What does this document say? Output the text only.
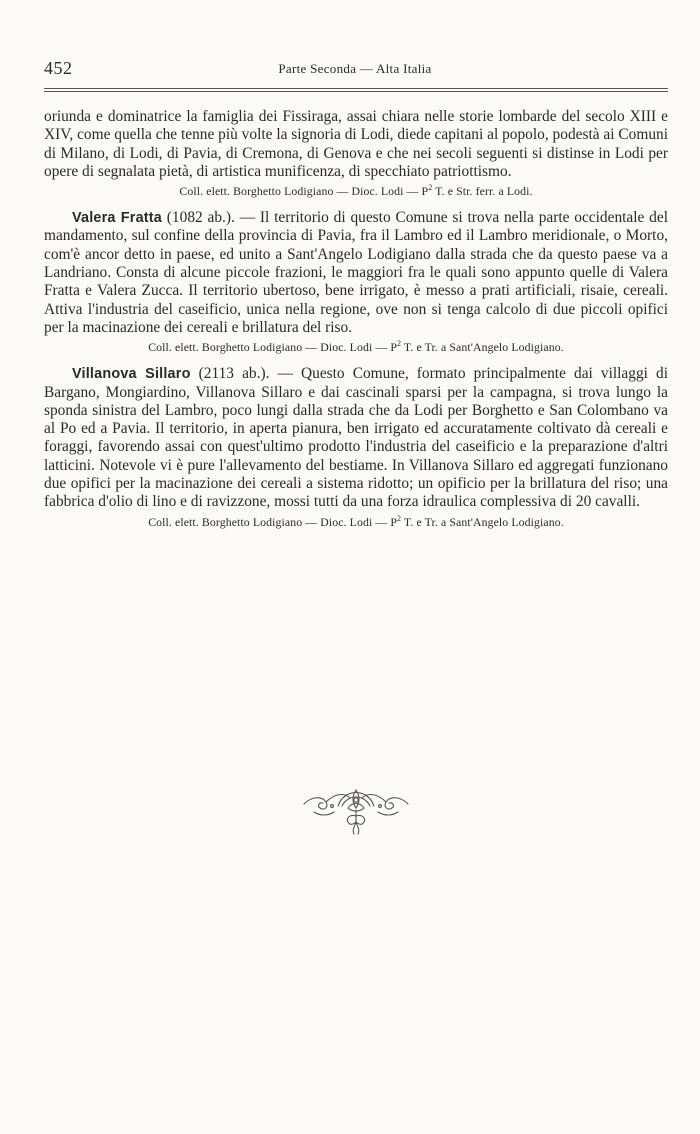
452	Parte Seconda — Alta Italia

oriunda e dominatrice la famiglia dei Fissiraga, assai chiara nelle storie lombarde del secolo XIII e XIV, come quella che tenne più volte la signoria di Lodi, diede capitani al popolo, podestà ai Comuni di Milano, di Lodi, di Pavia, di Cremona, di Genova e che nei secoli seguenti si distinse in Lodi per opere di segnalata pietà, di artistica munificenza, di specchiato patriottismo.

Coll. elett. Borghetto Lodigiano — Dioc. Lodi — $P^2$ T. e Str. ferr. a Lodi.

Valera Fratta (1082 ab.). — Il territorio di questo Comune si trova nella parte occidentale del mandamento, sul confine della provincia di Pavia, fra il Lambro ed il Lambro meridionale, o Morto, com'è ancor detto in paese, ed unito a Sant'Angelo Lodigiano dalla strada che da questo paese va a Landriano. Consta di alcune piccole frazioni, le maggiori fra le quali sono appunto quelle di Valera Fratta e Valera Zucca. Il territorio ubertoso, bene irrigato, è messo a prati artificiali, risaie, cereali. Attiva l'industria del caseificio, unica nella regione, ove non si tenga calcolo di due piccoli opifici per la macinazione dei cereali e brillatura del riso.

Coll. elett. Borghetto Lodigiano — Dioc. Lodi — $P^2$ T. e Tr. a Sant'Angelo Lodigiano.

Villanova Sillaro (2113 ab.). — Questo Comune, formato principalmente dai villaggi di Bargano, Mongiardino, Villanova Sillaro e dai cascinali sparsi per la campagna, si trova lungo la sponda sinistra del Lambro, poco lungi dalla strada che da Lodi per Borghetto e San Colombano va al Po ed a Pavia. Il territorio, in aperta pianura, ben irrigato ed accuratamente coltivato dà cereali e foraggi, favorendo assai con quest'ultimo prodotto l'industria del caseificio e la preparazione d'altri latticini. Notevole vi è pure l'allevamento del bestiame. In Villanova Sillaro ed aggregati funzionano due opifici per la macinazione dei cereali a sistema ridotto; un opificio per la brillatura del riso; una fabbrica d'olio di lino e di ravizzone, mossi tutti da una forza idraulica complessiva di 20 cavalli.

Coll. elett. Borghetto Lodigiano — Dioc. Lodi — $P^2$ T. e Tr. a Sant'Angelo Lodigiano.
